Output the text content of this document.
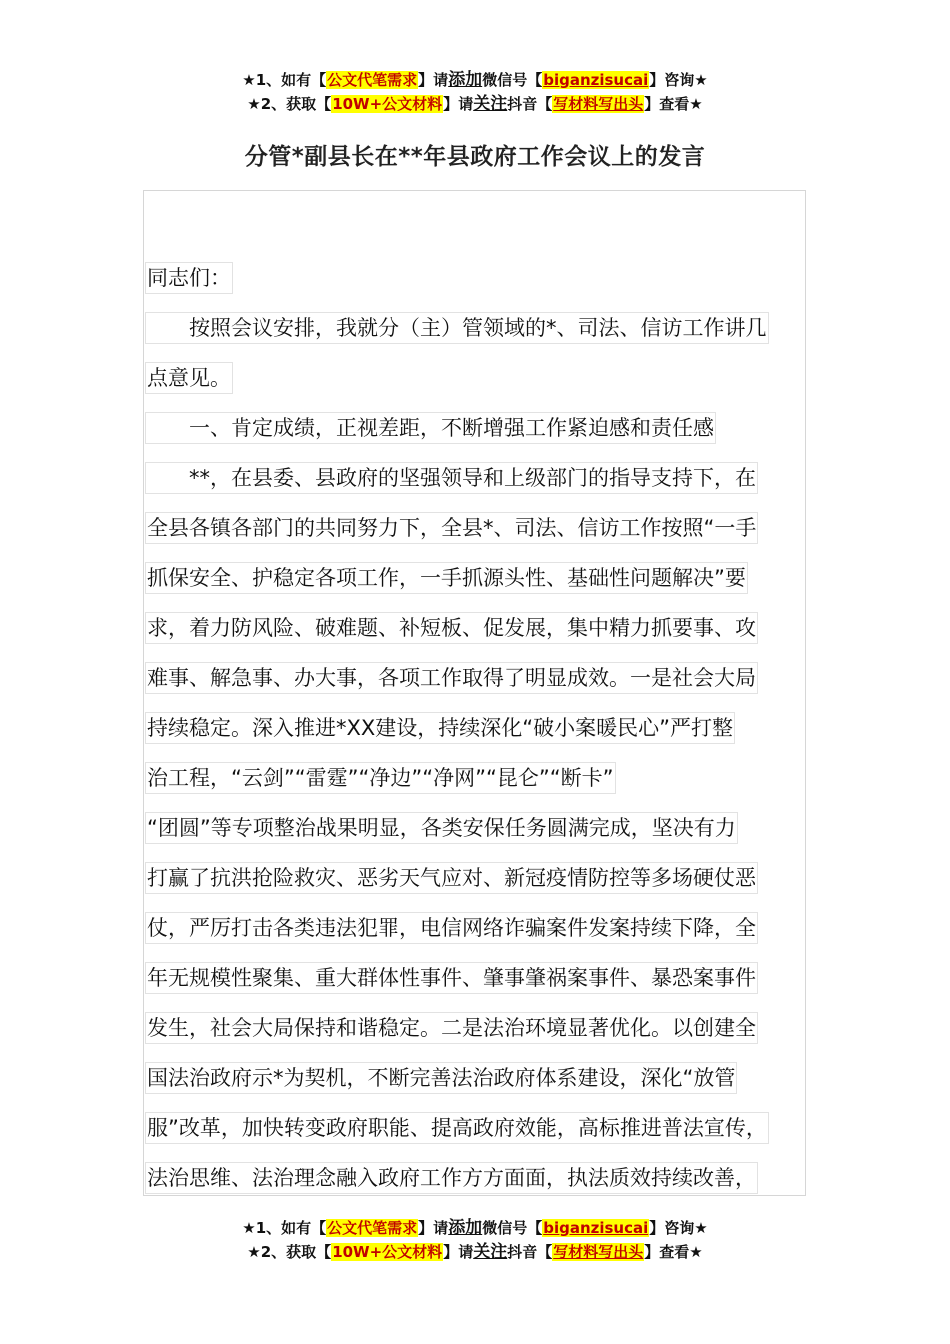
★1、如有【公文代笔需求】请添加微信号【biganzisucai】咨询★
★2、获取【10W+公文材料】请关注抖音【写材料写出头】查看★
分管*副县长在**年县政府工作会议上的发言
同志们：
　　按照会议安排，我就分（主）管领域的*、司法、信访工作讲几
点意见。
　　一、肯定成绩，正视差距，不断增强工作紧迫感和责任感
　　**，在县委、县政府的坚强领导和上级部门的指导支持下，在
全县各镇各部门的共同努力下，全县*、司法、信访工作按照“一手
抓保安全、护稳定各项工作，一手抓源头性、基础性问题解决”要
求，着力防风险、破难题、补短板、促发展，集中精力抓要事、攻
难事、解急事、办大事，各项工作取得了明显成效。一是社会大局
持续稳定。深入推进*XX建设，持续深化“破小案暖民心”严打整
治工程，“云剑”“雷霆”“净边”“净网”“昆仑”“断卡”
“团圆”等专项整治战果明显，各类安保任务圆满完成，坚决有力
打赢了抗洪抢险救灾、恶劣天气应对、新冠疫情防控等多场硬仗恶
仗，严厉打击各类违法犯罪，电信网络诈骗案件发案持续下降，全
年无规模性聚集、重大群体性事件、肇事肇祸案事件、暴恐案事件
发生，社会大局保持和谐稳定。二是法治环境显著优化。以创建全
国法治政府示*为契机，不断完善法治政府体系建设，深化“放管
服”改革，加快转变政府职能、提高政府效能，高标推进普法宣传，
法治思维、法治理念融入政府工作方方面面，执法质效持续改善，
★1、如有【公文代笔需求】请添加微信号【biganzisucai】咨询★
★2、获取【10W+公文材料】请关注抖音【写材料写出头】查看★
